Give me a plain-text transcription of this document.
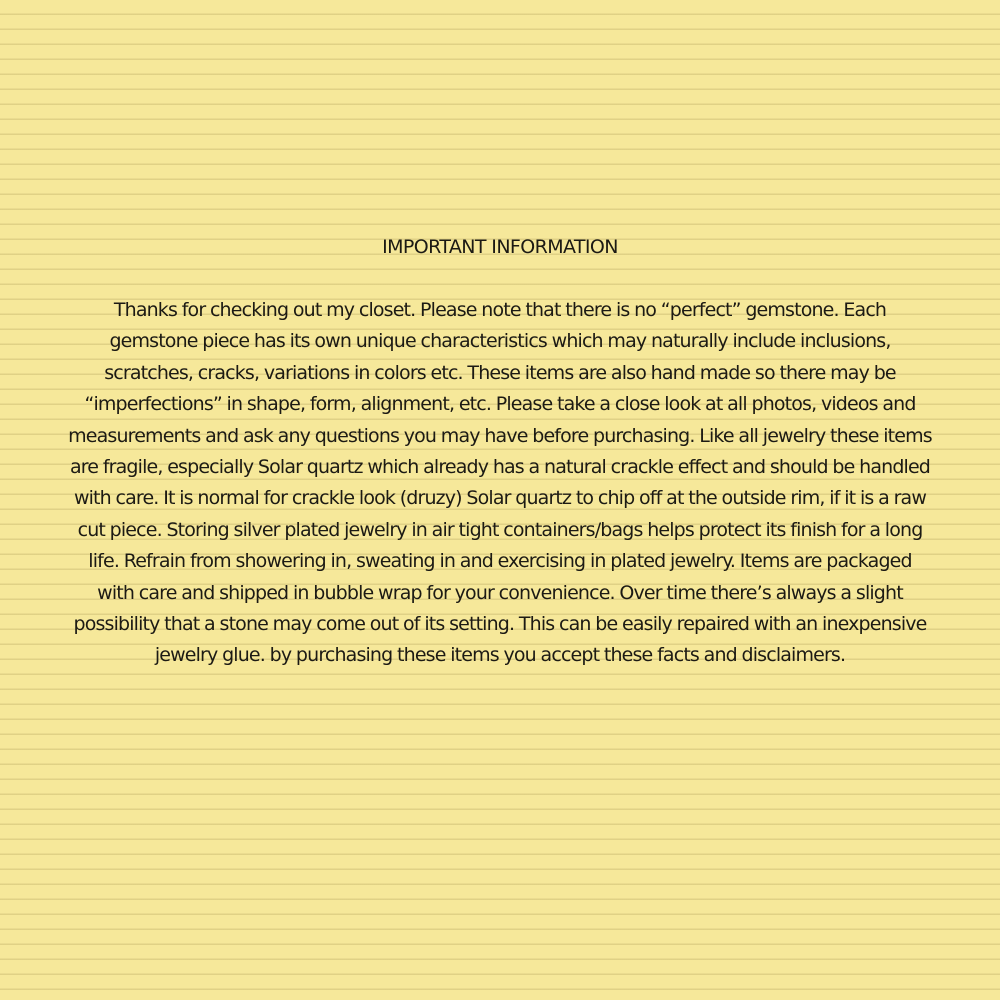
IMPORTANT INFORMATION
Thanks for checking out my closet. Please note that there is no “perfect” gemstone. Each
gemstone piece has its own unique characteristics which may naturally include inclusions,
scratches, cracks, variations in colors etc. These items are also hand made so there may be
“imperfections” in shape, form, alignment, etc. Please take a close look at all photos, videos and
measurements and ask any questions you may have before purchasing. Like all jewelry these items
are fragile, especially Solar quartz which already has a natural crackle effect and should be handled
with care. It is normal for crackle look (druzy) Solar quartz to chip off at the outside rim, if it is a raw
cut piece. Storing silver plated jewelry in air tight containers/bags helps protect its finish for a long
life. Refrain from showering in, sweating in and exercising in plated jewelry. Items are packaged
with care and shipped in bubble wrap for your convenience. Over time there’s always a slight
possibility that a stone may come out of its setting. This can be easily repaired with an inexpensive
jewelry glue. by purchasing these items you accept these facts and disclaimers.
